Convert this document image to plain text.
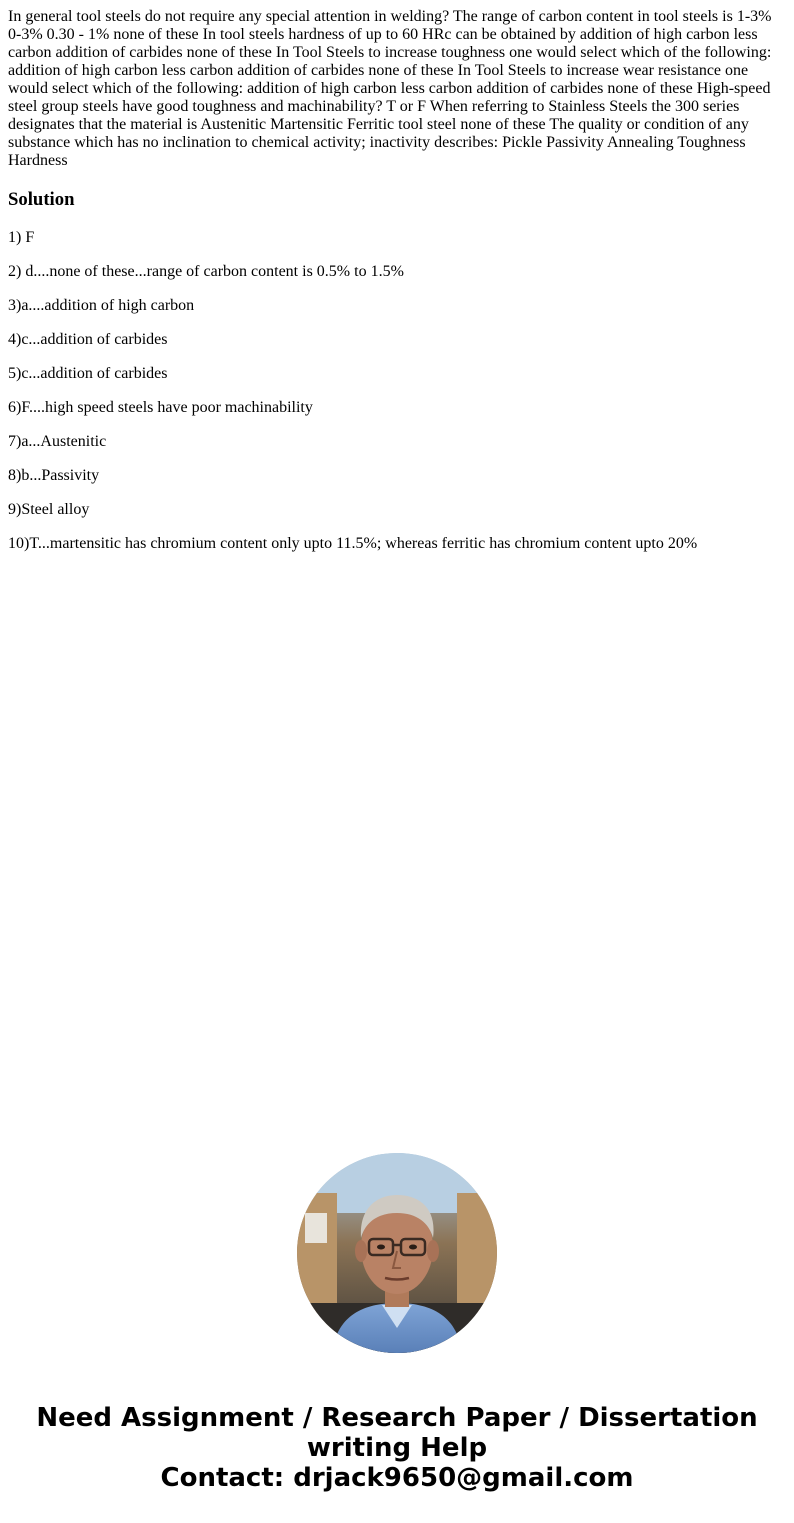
In general tool steels do not require any special attention in welding? The range of carbon content in tool steels is 1-3% 0-3% 0.30 - 1% none of these In tool steels hardness of up to 60 HRc can be obtained by addition of high carbon less carbon addition of carbides none of these In Tool Steels to increase toughness one would select which of the following: addition of high carbon less carbon addition of carbides none of these In Tool Steels to increase wear resistance one would select which of the following: addition of high carbon less carbon addition of carbides none of these High-speed steel group steels have good toughness and machinability? T or F When referring to Stainless Steels the 300 series designates that the material is Austenitic Martensitic Ferritic tool steel none of these The quality or condition of any substance which has no inclination to chemical activity; inactivity describes: Pickle Passivity Annealing Toughness Hardness

Solution
1) F
2) d....none of these...range of carbon content is 0.5% to 1.5%
3)a....addition of high carbon
4)c...addition of carbides
5)c...addition of carbides
6)F....high speed steels have poor machinability
7)a...Austenitic
8)b...Passivity
9)Steel alloy
10)T...martensitic has chromium content only upto 11.5%; whereas ferritic has chromium content upto 20%
Need Assignment / Research Paper / Dissertation
writing Help
Contact: drjack9650@gmail.com
